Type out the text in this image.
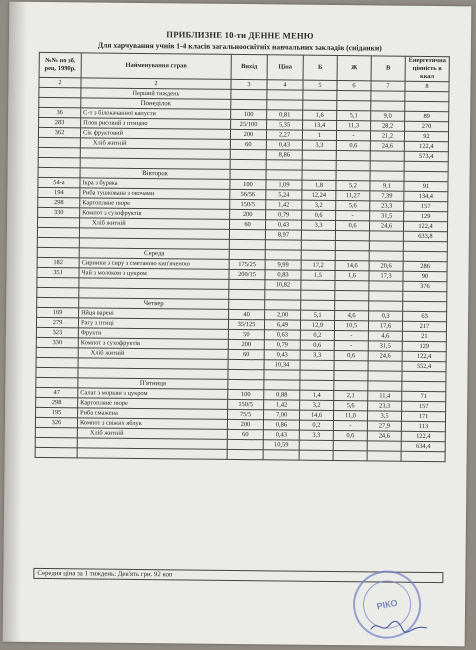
ПРИБЛИЗНЕ 10-ти ДЕННЕ МЕНЮ
Для харчування учнів 1-4 класів загальноосвітніх навчальних закладів (сніданки)
№№ по зб. рец. 1990р.	Найменування страв	Вихід	Ціна	Б	Ж	В	Енергетична цінність в ккал
2	2	3	4	5	6	7	8
	Перший тиждень						
	Понеділок						
36	С-т з білокачанної капусти	100	0,81	1,6	5,1	9,0	89
283	Плов рисовий з птицею	25/100	5,35	13,4	11,3	28,2	270
362	Сік фруктовий	200	2,27	1	-	21,2	92
	Хліб житній	60	0,43	3,3	0,6	24,6	122,4
			8,86				573,4

	Вівторок						
54-а	Ікра з буряка	100	1,09	1,8	5,2	9,1	91
194	Риба тушкована з овочами	56/56	5,24	12,24	11,27	7,39	134,4
298	Картопляне пюре	150/5	1,42	3,2	5,6	23,3	157
330	Компот з сухофруктів	200	0,79	0,6	-	31,5	129
	Хліб житній	60	0,43	3,3	0,6	24,6	122,4
			8,97				633,8

	Середа						
182	Сирники з сиру з сметаною кип'яченою	175/25	9,99	17,2	14,6	20,6	286
351	Чай з молоком з цукром	200/15	0,83	1,5	1,6	17,3	90
			10,82				376

	Четвер						
169	Яйця варені	40	2,00	5,1	4,6	0,3	63
279	Рагу з птиці	35/125	6,49	12,9	10,5	17,6	217
323	Фрукти	50	0,63	0,2	-	4,6	21
330	Компот з сухофруктів	200	0,79	0,6	-	31,5	129
	Хліб житній	60	0,43	3,3	0,6	24,6	122,4
			10,34				552,4

	П'ятниця						
47	Салат з моркви з цукром	100	0,88	1,4	2,1	11,4	71
298	Картопляне пюре	150/5	1,42	3,2	5,6	23,3	157
195	Риба смажена	75/5	7,00	14,6	11,0	3,5	171
326	Компот з свіжих яблук	200	0,86	0,2	-	27,9	113
	Хліб житній	60	0,43	3,3	0,6	24,6	122,4
			10,59				634,4

Середня ціна за 1 тиждень: Дев'ять грн. 92 коп
РІКО
